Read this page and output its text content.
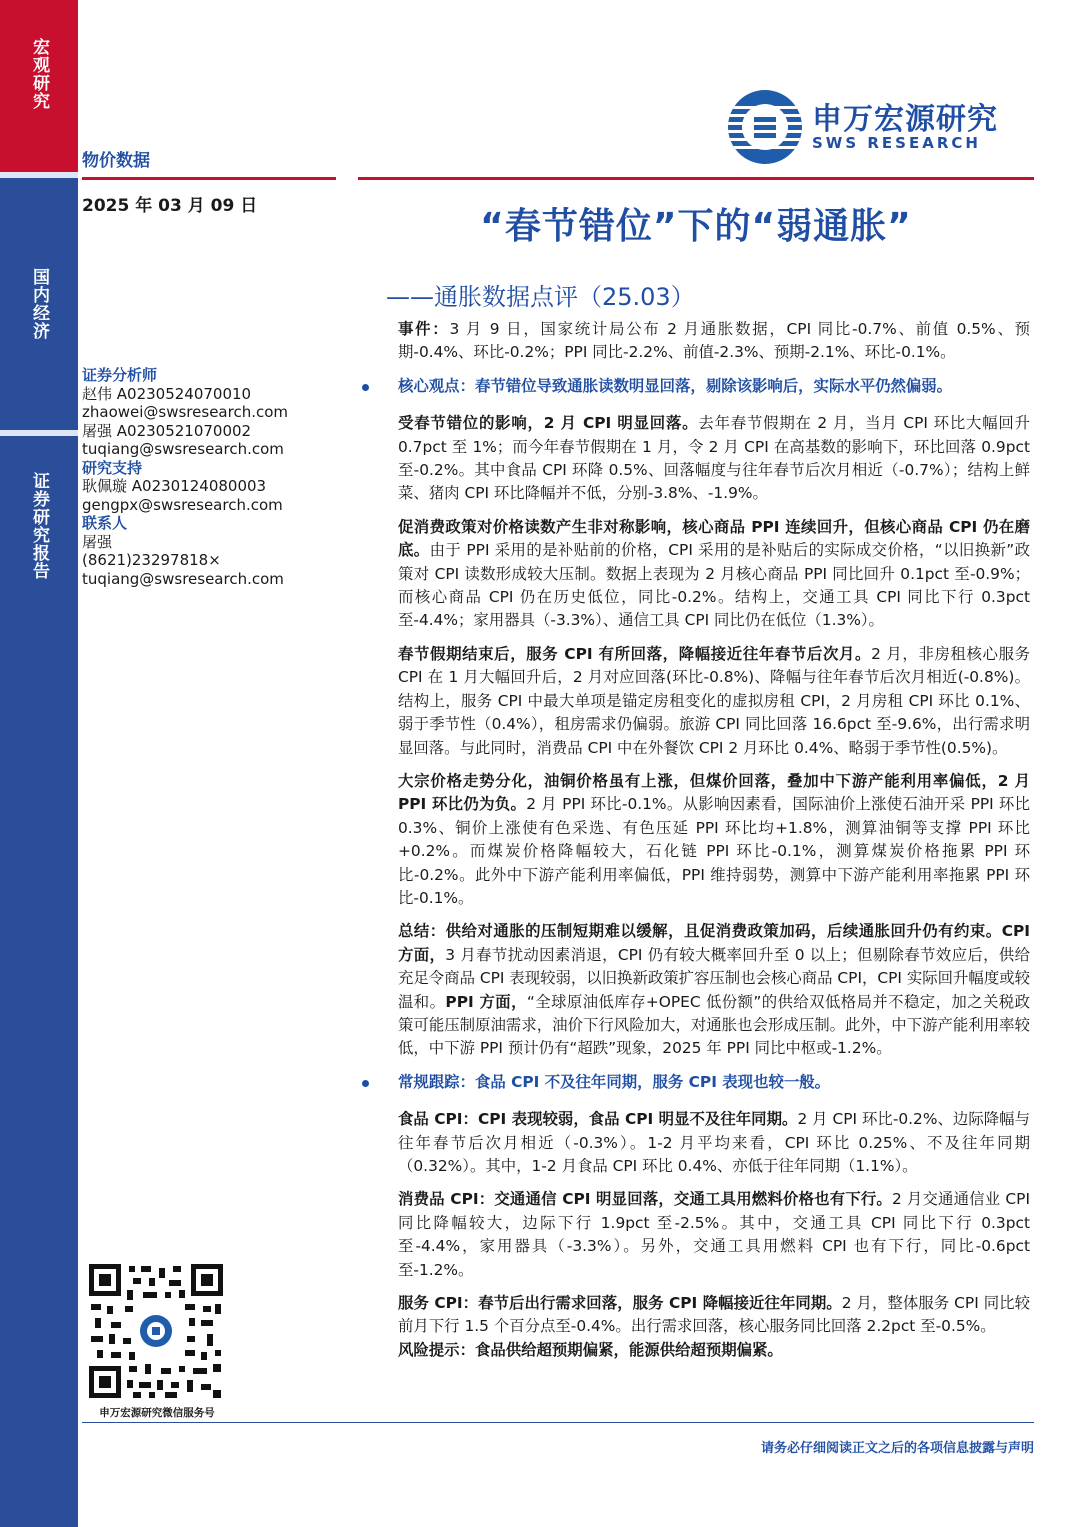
宏观研究
国内经济
证券研究报告
申万宏源研究
SWS RESEARCH
物价数据
2025 年 03 月 09 日	“春节错位”下的“弱通胀”
——通胀数据点评（25.03）
证券分析师
赵伟 A0230524070010
zhaowei@swsresearch.com
屠强 A0230521070002
tuqiang@swsresearch.com
研究支持
耿佩璇 A0230124080003
gengpx@swsresearch.com
联系人
屠强
(8621)23297818×
tuqiang@swsresearch.com
申万宏源研究微信服务号

事件：3 月 9 日，国家统计局公布 2 月通胀数据，CPI 同比-0.7%、前值 0.5%、预期-0.4%、环比-0.2%；PPI 同比-2.2%、前值-2.3%、预期-2.1%、环比-0.1%。

核心观点：春节错位导致通胀读数明显回落，剔除该影响后，实际水平仍然偏弱。

受春节错位的影响，2 月 CPI 明显回落。去年春节假期在 2 月，当月 CPI 环比大幅回升 0.7pct 至 1%；而今年春节假期在 1 月，令 2 月 CPI 在高基数的影响下，环比回落 0.9pct 至-0.2%。其中食品 CPI 环降 0.5%、回落幅度与往年春节后次月相近（-0.7%）；结构上鲜菜、猪肉 CPI 环比降幅并不低，分别-3.8%、-1.9%。

促消费政策对价格读数产生非对称影响，核心商品 PPI 连续回升，但核心商品 CPI 仍在磨底。由于 PPI 采用的是补贴前的价格，CPI 采用的是补贴后的实际成交价格，“以旧换新”政策对 CPI 读数形成较大压制。数据上表现为 2 月核心商品 PPI 同比回升 0.1pct 至-0.9%；而核心商品 CPI 仍在历史低位，同比-0.2%。结构上，交通工具 CPI 同比下行 0.3pct 至-4.4%；家用器具（-3.3%）、通信工具 CPI 同比仍在低位（1.3%）。

春节假期结束后，服务 CPI 有所回落，降幅接近往年春节后次月。2 月，非房租核心服务 CPI 在 1 月大幅回升后，2 月对应回落(环比-0.8%)、降幅与往年春节后次月相近(-0.8%)。结构上，服务 CPI 中最大单项是锚定房租变化的虚拟房租 CPI，2 月房租 CPI 环比 0.1%、弱于季节性（0.4%），租房需求仍偏弱。旅游 CPI 同比回落 16.6pct 至-9.6%，出行需求明显回落。与此同时，消费品 CPI 中在外餐饮 CPI 2 月环比 0.4%、略弱于季节性(0.5%)。

大宗价格走势分化，油铜价格虽有上涨，但煤价回落，叠加中下游产能利用率偏低，2 月 PPI 环比仍为负。2 月 PPI 环比-0.1%。从影响因素看，国际油价上涨使石油开采 PPI 环比 0.3%、铜价上涨使有色采选、有色压延 PPI 环比均+1.8%，测算油铜等支撑 PPI 环比+0.2%。而煤炭价格降幅较大，石化链 PPI 环比-0.1%，测算煤炭价格拖累 PPI 环比-0.2%。此外中下游产能利用率偏低，PPI 维持弱势，测算中下游产能利用率拖累 PPI 环比-0.1%。

总结：供给对通胀的压制短期难以缓解，且促消费政策加码，后续通胀回升仍有约束。CPI 方面，3 月春节扰动因素消退，CPI 仍有较大概率回升至 0 以上；但剔除春节效应后，供给充足令商品 CPI 表现较弱，以旧换新政策扩容压制也会核心商品 CPI，CPI 实际回升幅度或较温和。PPI 方面，“全球原油低库存+OPEC 低份额”的供给双低格局并不稳定，加之关税政策可能压制原油需求，油价下行风险加大，对通胀也会形成压制。此外，中下游产能利用率较低，中下游 PPI 预计仍有“超跌”现象，2025 年 PPI 同比中枢或-1.2%。

常规跟踪：食品 CPI 不及往年同期，服务 CPI 表现也较一般。

食品 CPI：CPI 表现较弱，食品 CPI 明显不及往年同期。2 月 CPI 环比-0.2%、边际降幅与往年春节后次月相近（-0.3%）。1-2 月平均来看，CPI 环比 0.25%、不及往年同期（0.32%）。其中，1-2 月食品 CPI 环比 0.4%、亦低于往年同期（1.1%）。

消费品 CPI：交通通信 CPI 明显回落，交通工具用燃料价格也有下行。2 月交通通信业 CPI 同比降幅较大，边际下行 1.9pct 至-2.5%。其中，交通工具 CPI 同比下行 0.3pct 至-4.4%，家用器具（-3.3%）。另外，交通工具用燃料 CPI 也有下行，同比-0.6pct 至-1.2%。

服务 CPI：春节后出行需求回落，服务 CPI 降幅接近往年同期。2 月，整体服务 CPI 同比较前月下行 1.5 个百分点至-0.4%。出行需求回落，核心服务同比回落 2.2pct 至-0.5%。

风险提示：食品供给超预期偏紧，能源供给超预期偏紧。

请务必仔细阅读正文之后的各项信息披露与声明
